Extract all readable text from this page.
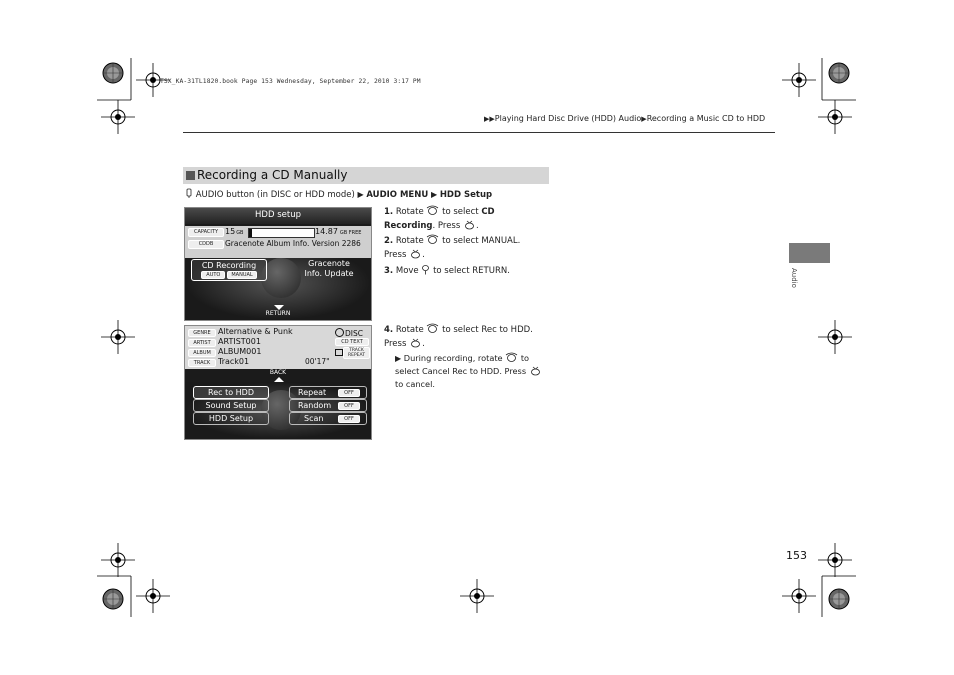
TSX_KA-31TL1820.book Page 153 Wednesday, September 22, 2010 3:17 PM
▶▶Playing Hard Disc Drive (HDD) Audio▶Recording a Music CD to HDD
Recording a CD Manually
AUDIO button (in DISC or HDD mode) ▶ AUDIO MENU ▶ HDD Setup
HDD setup
CAPACITY 15GB	14.87 GB FREE
CDDB	Gracenote Album Info. Version 2286
CD Recording
AUTO	MANUAL
Gracenote
Info. Update
RETURN
GENRE Alternative & Punk
ARTIST ARTIST001
ALBUM ALBUM001
TRACK Track01	00'17"
DISC
CD TEXT
TRACK REPEAT
BACK
Rec to HDD
Sound Setup
HDD Setup
Repeat	OFF
Random	OFF
Scan	OFF
1. Rotate to select CD Recording. Press .
2. Rotate to select MANUAL. Press .
3. Move to select RETURN.
4. Rotate to select Rec to HDD. Press .
▶ During recording, rotate to select Cancel Rec to HDD. Press  to cancel.
Audio
153
